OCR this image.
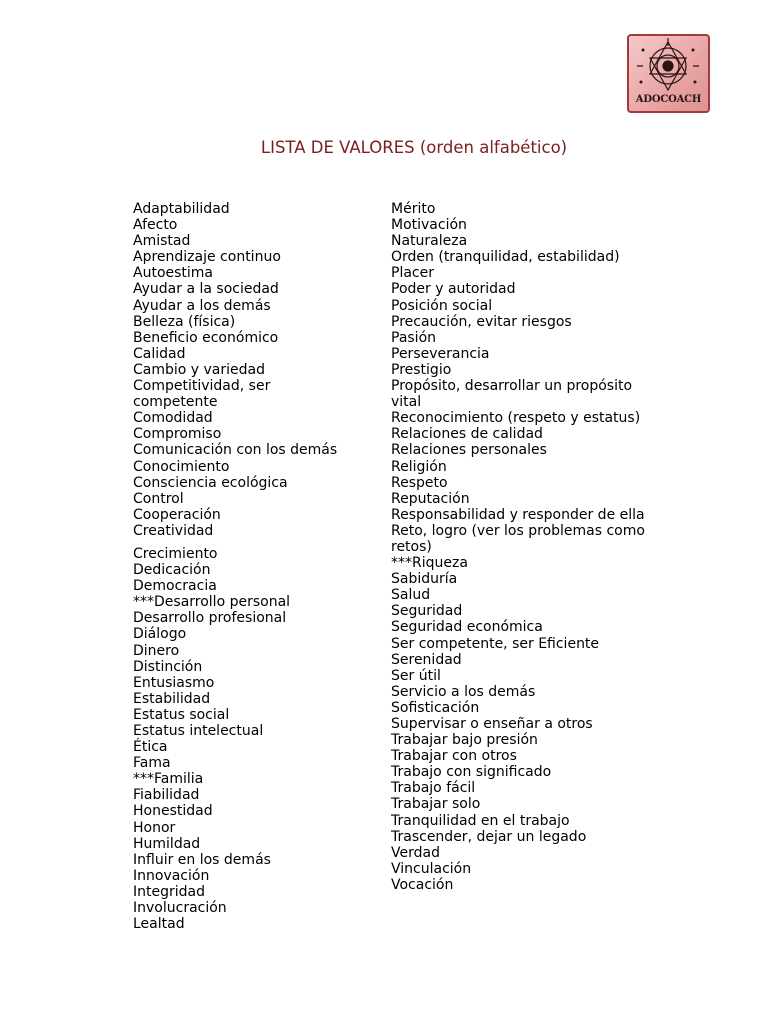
ADOCOACH
LISTA DE VALORES (orden alfabético)
Adaptabilidad
Afecto
Amistad
Aprendizaje continuo
Autoestima
Ayudar a la sociedad
Ayudar a los demás
Belleza (física)
Beneficio económico
Calidad
Cambio y variedad
Competitividad, ser
competente
Comodidad
Compromiso
Comunicación con los demás
Conocimiento
Consciencia ecológica
Control
Cooperación
Creatividad
Crecimiento
Dedicación
Democracia
***Desarrollo personal
Desarrollo profesional
Diálogo
Dinero
Distinción
Entusiasmo
Estabilidad
Estatus social
Estatus intelectual
Ética
Fama
***Familia
Fiabilidad
Honestidad
Honor
Humildad
Influir en los demás
Innovación
Integridad
Involucración
Lealtad
Mérito
Motivación
Naturaleza
Orden (tranquilidad, estabilidad)
Placer
Poder y autoridad
Posición social
Precaución, evitar riesgos
Pasión
Perseverancia
Prestigio
Propósito, desarrollar un propósito
vital
Reconocimiento (respeto y estatus)
Relaciones de calidad
Relaciones personales
Religión
Respeto
Reputación
Responsabilidad y responder de ella
Reto, logro (ver los problemas como
retos)
***Riqueza
Sabiduría
Salud
Seguridad
Seguridad económica
Ser competente, ser Eficiente
Serenidad
Ser útil
Servicio a los demás
Sofisticación
Supervisar o enseñar a otros
Trabajar bajo presión
Trabajar con otros
Trabajo con significado
Trabajo fácil
Trabajar solo
Tranquilidad en el trabajo
Trascender, dejar un legado
Verdad
Vinculación
Vocación
